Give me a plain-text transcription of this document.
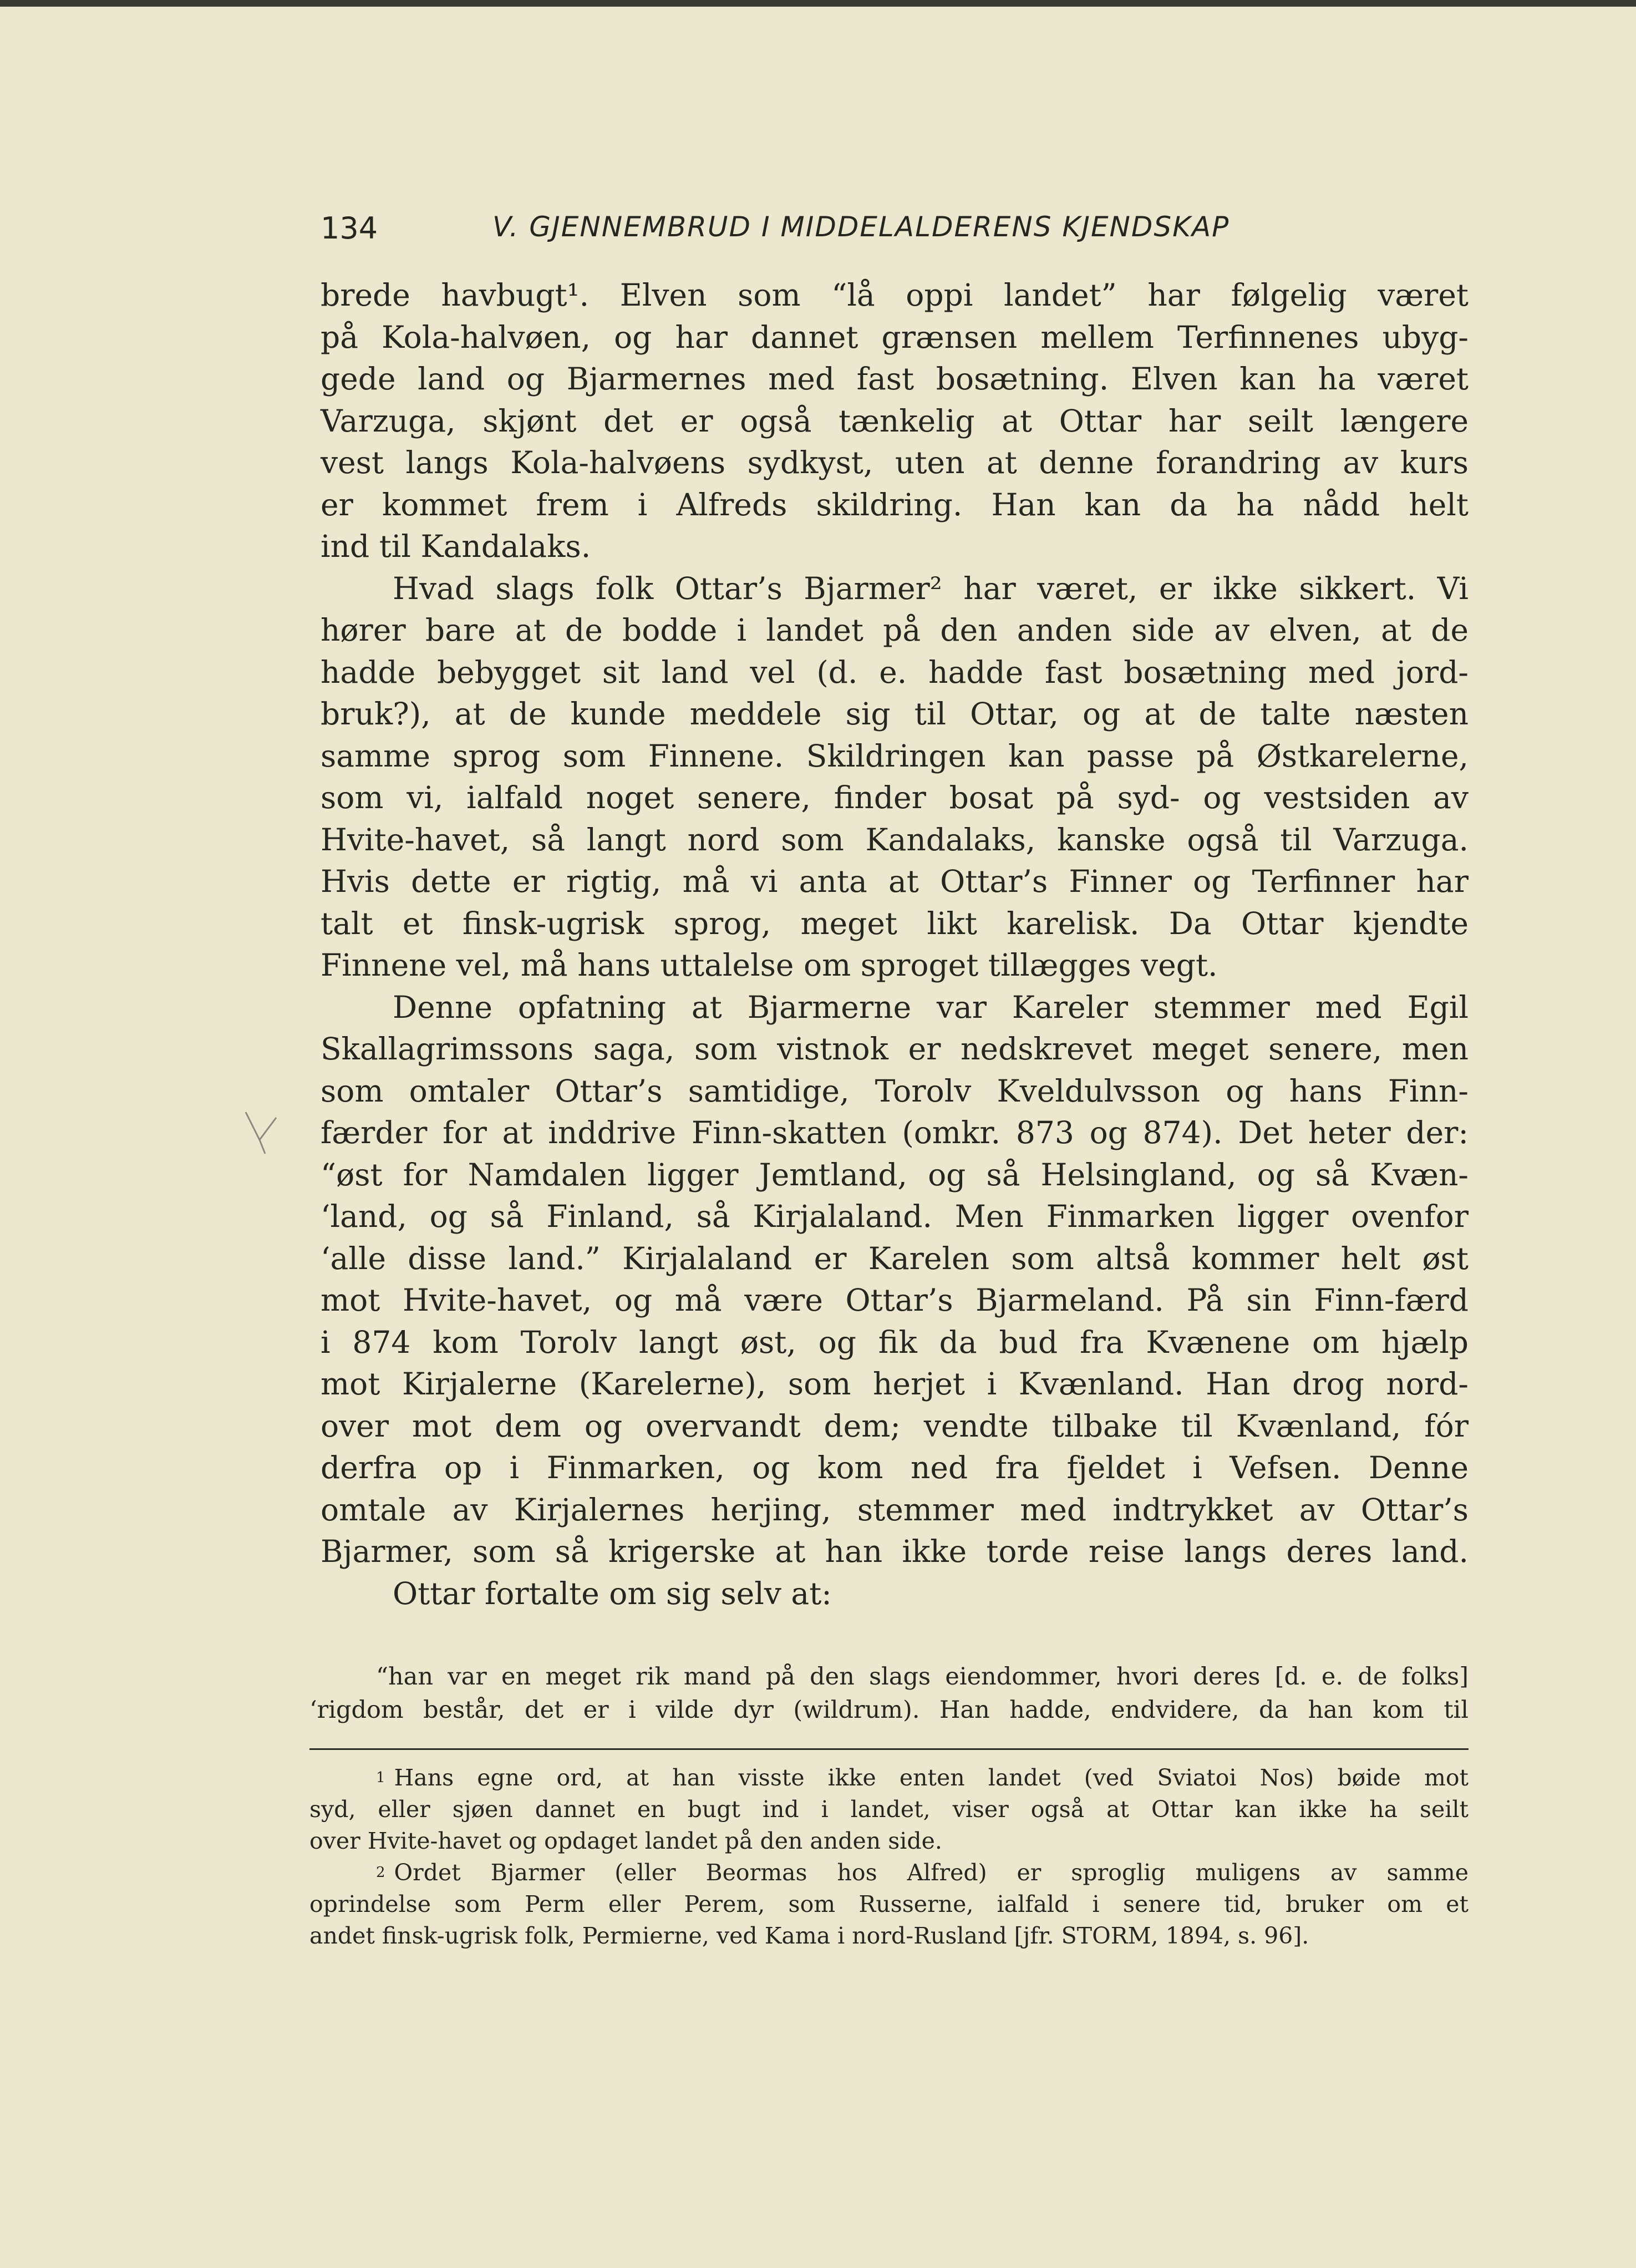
134	V. GJENNEMBRUD I MIDDELALDERENS KJENDSKAP
brede havbugt¹. Elven som “lå oppi landet” har følgelig været
på Kola-halvøen, og har dannet grænsen mellem Terfinnenes ubyg-
gede land og Bjarmernes med fast bosætning. Elven kan ha været
Varzuga, skjønt det er også tænkelig at Ottar har seilt længere
vest langs Kola-halvøens sydkyst, uten at denne forandring av kurs
er kommet frem i Alfreds skildring. Han kan da ha nådd helt
ind til Kandalaks.
Hvad slags folk Ottar’s Bjarmer² har været, er ikke sikkert. Vi
hører bare at de bodde i landet på den anden side av elven, at de
hadde bebygget sit land vel (d. e. hadde fast bosætning med jord-
bruk?), at de kunde meddele sig til Ottar, og at de talte næsten
samme sprog som Finnene. Skildringen kan passe på Østkarelerne,
som vi, ialfald noget senere, finder bosat på syd- og vestsiden av
Hvite-havet, så langt nord som Kandalaks, kanske også til Varzuga.
Hvis dette er rigtig, må vi anta at Ottar’s Finner og Terfinner har
talt et finsk-ugrisk sprog, meget likt karelisk. Da Ottar kjendte
Finnene vel, må hans uttalelse om sproget tillægges vegt.
Denne opfatning at Bjarmerne var Kareler stemmer med Egil
Skallagrimssons saga, som vistnok er nedskrevet meget senere, men
som omtaler Ottar’s samtidige, Torolv Kveldulvsson og hans Finn-
færder for at inddrive Finn-skatten (omkr. 873 og 874). Det heter der:
“øst for Namdalen ligger Jemtland, og så Helsingland, og så Kvæn-
‘land, og så Finland, så Kirjalaland. Men Finmarken ligger ovenfor
‘alle disse land.” Kirjalaland er Karelen som altså kommer helt øst
mot Hvite-havet, og må være Ottar’s Bjarmeland. På sin Finn-færd
i 874 kom Torolv langt øst, og fik da bud fra Kvænene om hjælp
mot Kirjalerne (Karelerne), som herjet i Kvænland. Han drog nord-
over mot dem og overvandt dem; vendte tilbake til Kvænland, fór
derfra op i Finmarken, og kom ned fra fjeldet i Vefsen. Denne
omtale av Kirjalernes herjing, stemmer med indtrykket av Ottar’s
Bjarmer, som så krigerske at han ikke torde reise langs deres land.
Ottar fortalte om sig selv at:
“han var en meget rik mand på den slags eiendommer, hvori deres [d. e. de folks]
‘rigdom består, det er i vilde dyr (wildrum). Han hadde, endvidere, da han kom til
$^1$ Hans egne ord, at han visste ikke enten landet (ved Sviatoi Nos) bøide mot
syd, eller sjøen dannet en bugt ind i landet, viser også at Ottar kan ikke ha seilt
over Hvite-havet og opdaget landet på den anden side.
$^2$ Ordet Bjarmer (eller Beormas hos Alfred) er sproglig muligens av samme
oprindelse som Perm eller Perem, som Russerne, ialfald i senere tid, bruker om et
andet finsk-ugrisk folk, Permierne, ved Kama i nord-Rusland [jfr. STORM, 1894, s. 96].
